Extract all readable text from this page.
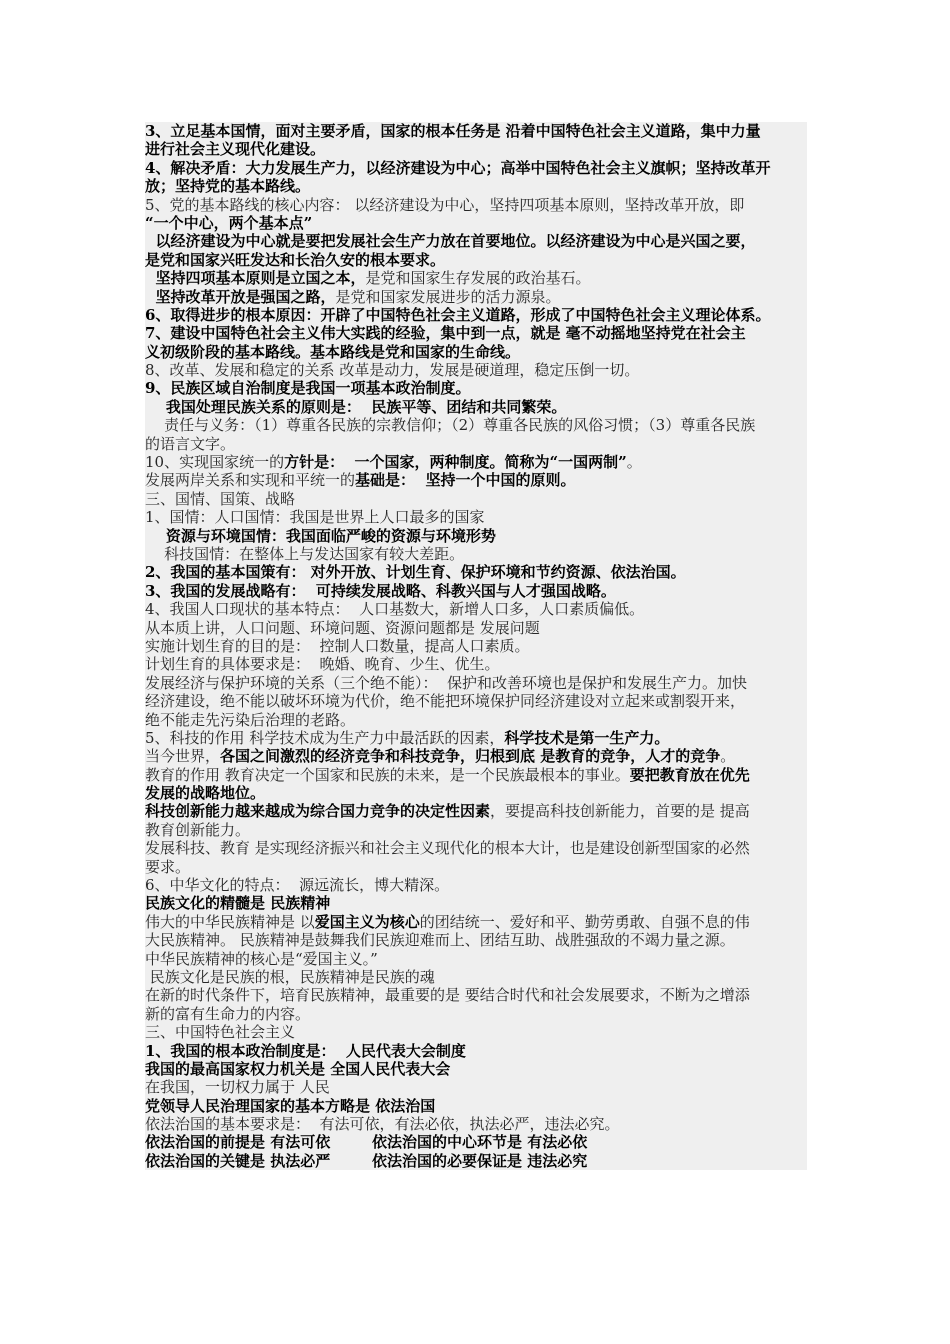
3、立足基本国情，面对主要矛盾，国家的根本任务是 沿着中国特色社会主义道路，集中力量
进行社会主义现代化建设。
4、解决矛盾：大力发展生产力，以经济建设为中心；高举中国特色社会主义旗帜；坚持改革开
放；坚持党的基本路线。
5、党的基本路线的核心内容： 以经济建设为中心，坚持四项基本原则，坚持改革开放，即
“一个中心，两个基本点”
以经济建设为中心就是要把发展社会生产力放在首要地位。以经济建设为中心是兴国之要，
是党和国家兴旺发达和长治久安的根本要求。
坚持四项基本原则是立国之本，是党和国家生存发展的政治基石。
坚持改革开放是强国之路，是党和国家发展进步的活力源泉。
6、取得进步的根本原因：开辟了中国特色社会主义道路，形成了中国特色社会主义理论体系。
7、建设中国特色社会主义伟大实践的经验，集中到一点，就是 毫不动摇地坚持党在社会主
义初级阶段的基本路线。基本路线是党和国家的生命线。
8、改革、发展和稳定的关系 改革是动力，发展是硬道理，稳定压倒一切。
9、民族区域自治制度是我国一项基本政治制度。
我国处理民族关系的原则是：  民族平等、团结和共同繁荣。
责任与义务：（1）尊重各民族的宗教信仰；（2）尊重各民族的风俗习惯；（3）尊重各民族
的语言文字。
10、实现国家统一的方针是：  一个国家，两种制度。简称为“一国两制”。
发展两岸关系和实现和平统一的基础是：  坚持一个中国的原则。
三、国情、国策、战略
1、国情：人口国情：我国是世界上人口最多的国家
资源与环境国情：我国面临严峻的资源与环境形势
科技国情：在整体上与发达国家有较大差距。
2、我国的基本国策有： 对外开放、计划生育、保护环境和节约资源、依法治国。
3、我国的发展战略有：  可持续发展战略、科教兴国与人才强国战略。
4、我国人口现状的基本特点：  人口基数大，新增人口多，人口素质偏低。
从本质上讲，人口问题、环境问题、资源问题都是 发展问题
实施计划生育的目的是：  控制人口数量，提高人口素质。
计划生育的具体要求是：  晚婚、晚育、少生、优生。
发展经济与保护环境的关系（三个绝不能）：  保护和改善环境也是保护和发展生产力。加快
经济建设，绝不能以破坏环境为代价，绝不能把环境保护同经济建设对立起来或割裂开来，
绝不能走先污染后治理的老路。
5、科技的作用 科学技术成为生产力中最活跃的因素，科学技术是第一生产力。
当今世界，各国之间激烈的经济竞争和科技竞争，归根到底 是教育的竞争，人才的竞争。
教育的作用 教育决定一个国家和民族的未来，是一个民族最根本的事业。要把教育放在优先
发展的战略地位。
科技创新能力越来越成为综合国力竞争的决定性因素，要提高科技创新能力，首要的是 提高
教育创新能力。
发展科技、教育 是实现经济振兴和社会主义现代化的根本大计，也是建设创新型国家的必然
要求。
6、中华文化的特点：  源远流长，博大精深。
民族文化的精髓是 民族精神
伟大的中华民族精神是 以爱国主义为核心的团结统一、爱好和平、勤劳勇敢、自强不息的伟
大民族精神。 民族精神是鼓舞我们民族迎难而上、团结互助、战胜强敌的不竭力量之源。
中华民族精神的核心是“爱国主义。”
民族文化是民族的根，民族精神是民族的魂
在新的时代条件下，培育民族精神，最重要的是 要结合时代和社会发展要求，不断为之增添
新的富有生命力的内容。
三、中国特色社会主义
1、我国的根本政治制度是：  人民代表大会制度
我国的最高国家权力机关是 全国人民代表大会
在我国，一切权力属于 人民
党领导人民治理国家的基本方略是 依法治国
依法治国的基本要求是：  有法可依，有法必依，执法必严，违法必究。
依法治国的前提是 有法可依        依法治国的中心环节是 有法必依
依法治国的关键是 执法必严        依法治国的必要保证是 违法必究
